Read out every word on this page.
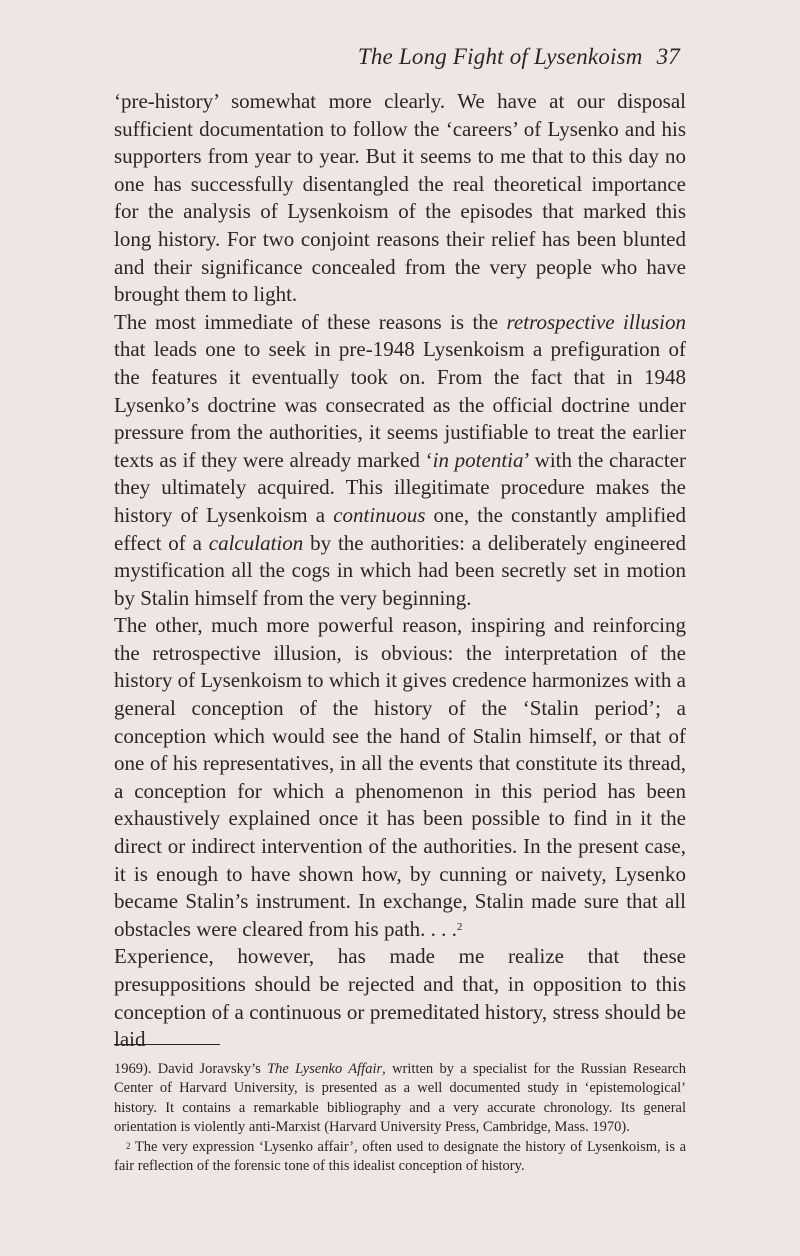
The Long Fight of Lysenkoism 37

‘pre-history’ somewhat more clearly. We have at our disposal sufficient documentation to follow the ‘careers’ of Lysenko and his supporters from year to year. But it seems to me that to this day no one has successfully disentangled the real theoretical importance for the analysis of Lysenkoism of the episodes that marked this long history. For two conjoint reasons their relief has been blunted and their significance concealed from the very people who have brought them to light.

The most immediate of these reasons is the retrospective illusion that leads one to seek in pre-1948 Lysenkoism a prefiguration of the features it eventually took on. From the fact that in 1948 Lysenko’s doctrine was consecrated as the official doctrine under pressure from the authorities, it seems justifiable to treat the earlier texts as if they were already marked ‘in potentia’ with the character they ultimately acquired. This illegitimate procedure makes the history of Lysenkoism a continuous one, the constantly amplified effect of a calculation by the authorities: a deliberately engineered mystification all the cogs in which had been secretly set in motion by Stalin himself from the very beginning.

The other, much more powerful reason, inspiring and reinforcing the retrospective illusion, is obvious: the interpretation of the history of Lysenkoism to which it gives credence harmonizes with a general conception of the history of the ‘Stalin period’; a conception which would see the hand of Stalin himself, or that of one of his representatives, in all the events that constitute its thread, a conception for which a phenomenon in this period has been exhaustively explained once it has been possible to find in it the direct or indirect intervention of the authorities. In the present case, it is enough to have shown how, by cunning or naivety, Lysenko became Stalin’s instrument. In exchange, Stalin made sure that all obstacles were cleared from his path. . . .$^2$

Experience, however, has made me realize that these presuppositions should be rejected and that, in opposition to this conception of a continuous or premeditated history, stress should be laid

1969). David Joravsky’s The Lysenko Affair, written by a specialist for the Russian Research Center of Harvard University, is presented as a well documented study in ‘epistemological’ history. It contains a remarkable bibliography and a very accurate chronology. Its general orientation is violently anti-Marxist (Harvard University Press, Cambridge, Mass. 1970).

$^2$ The very expression ‘Lysenko affair’, often used to designate the history of Lysenkoism, is a fair reflection of the forensic tone of this idealist conception of history.
